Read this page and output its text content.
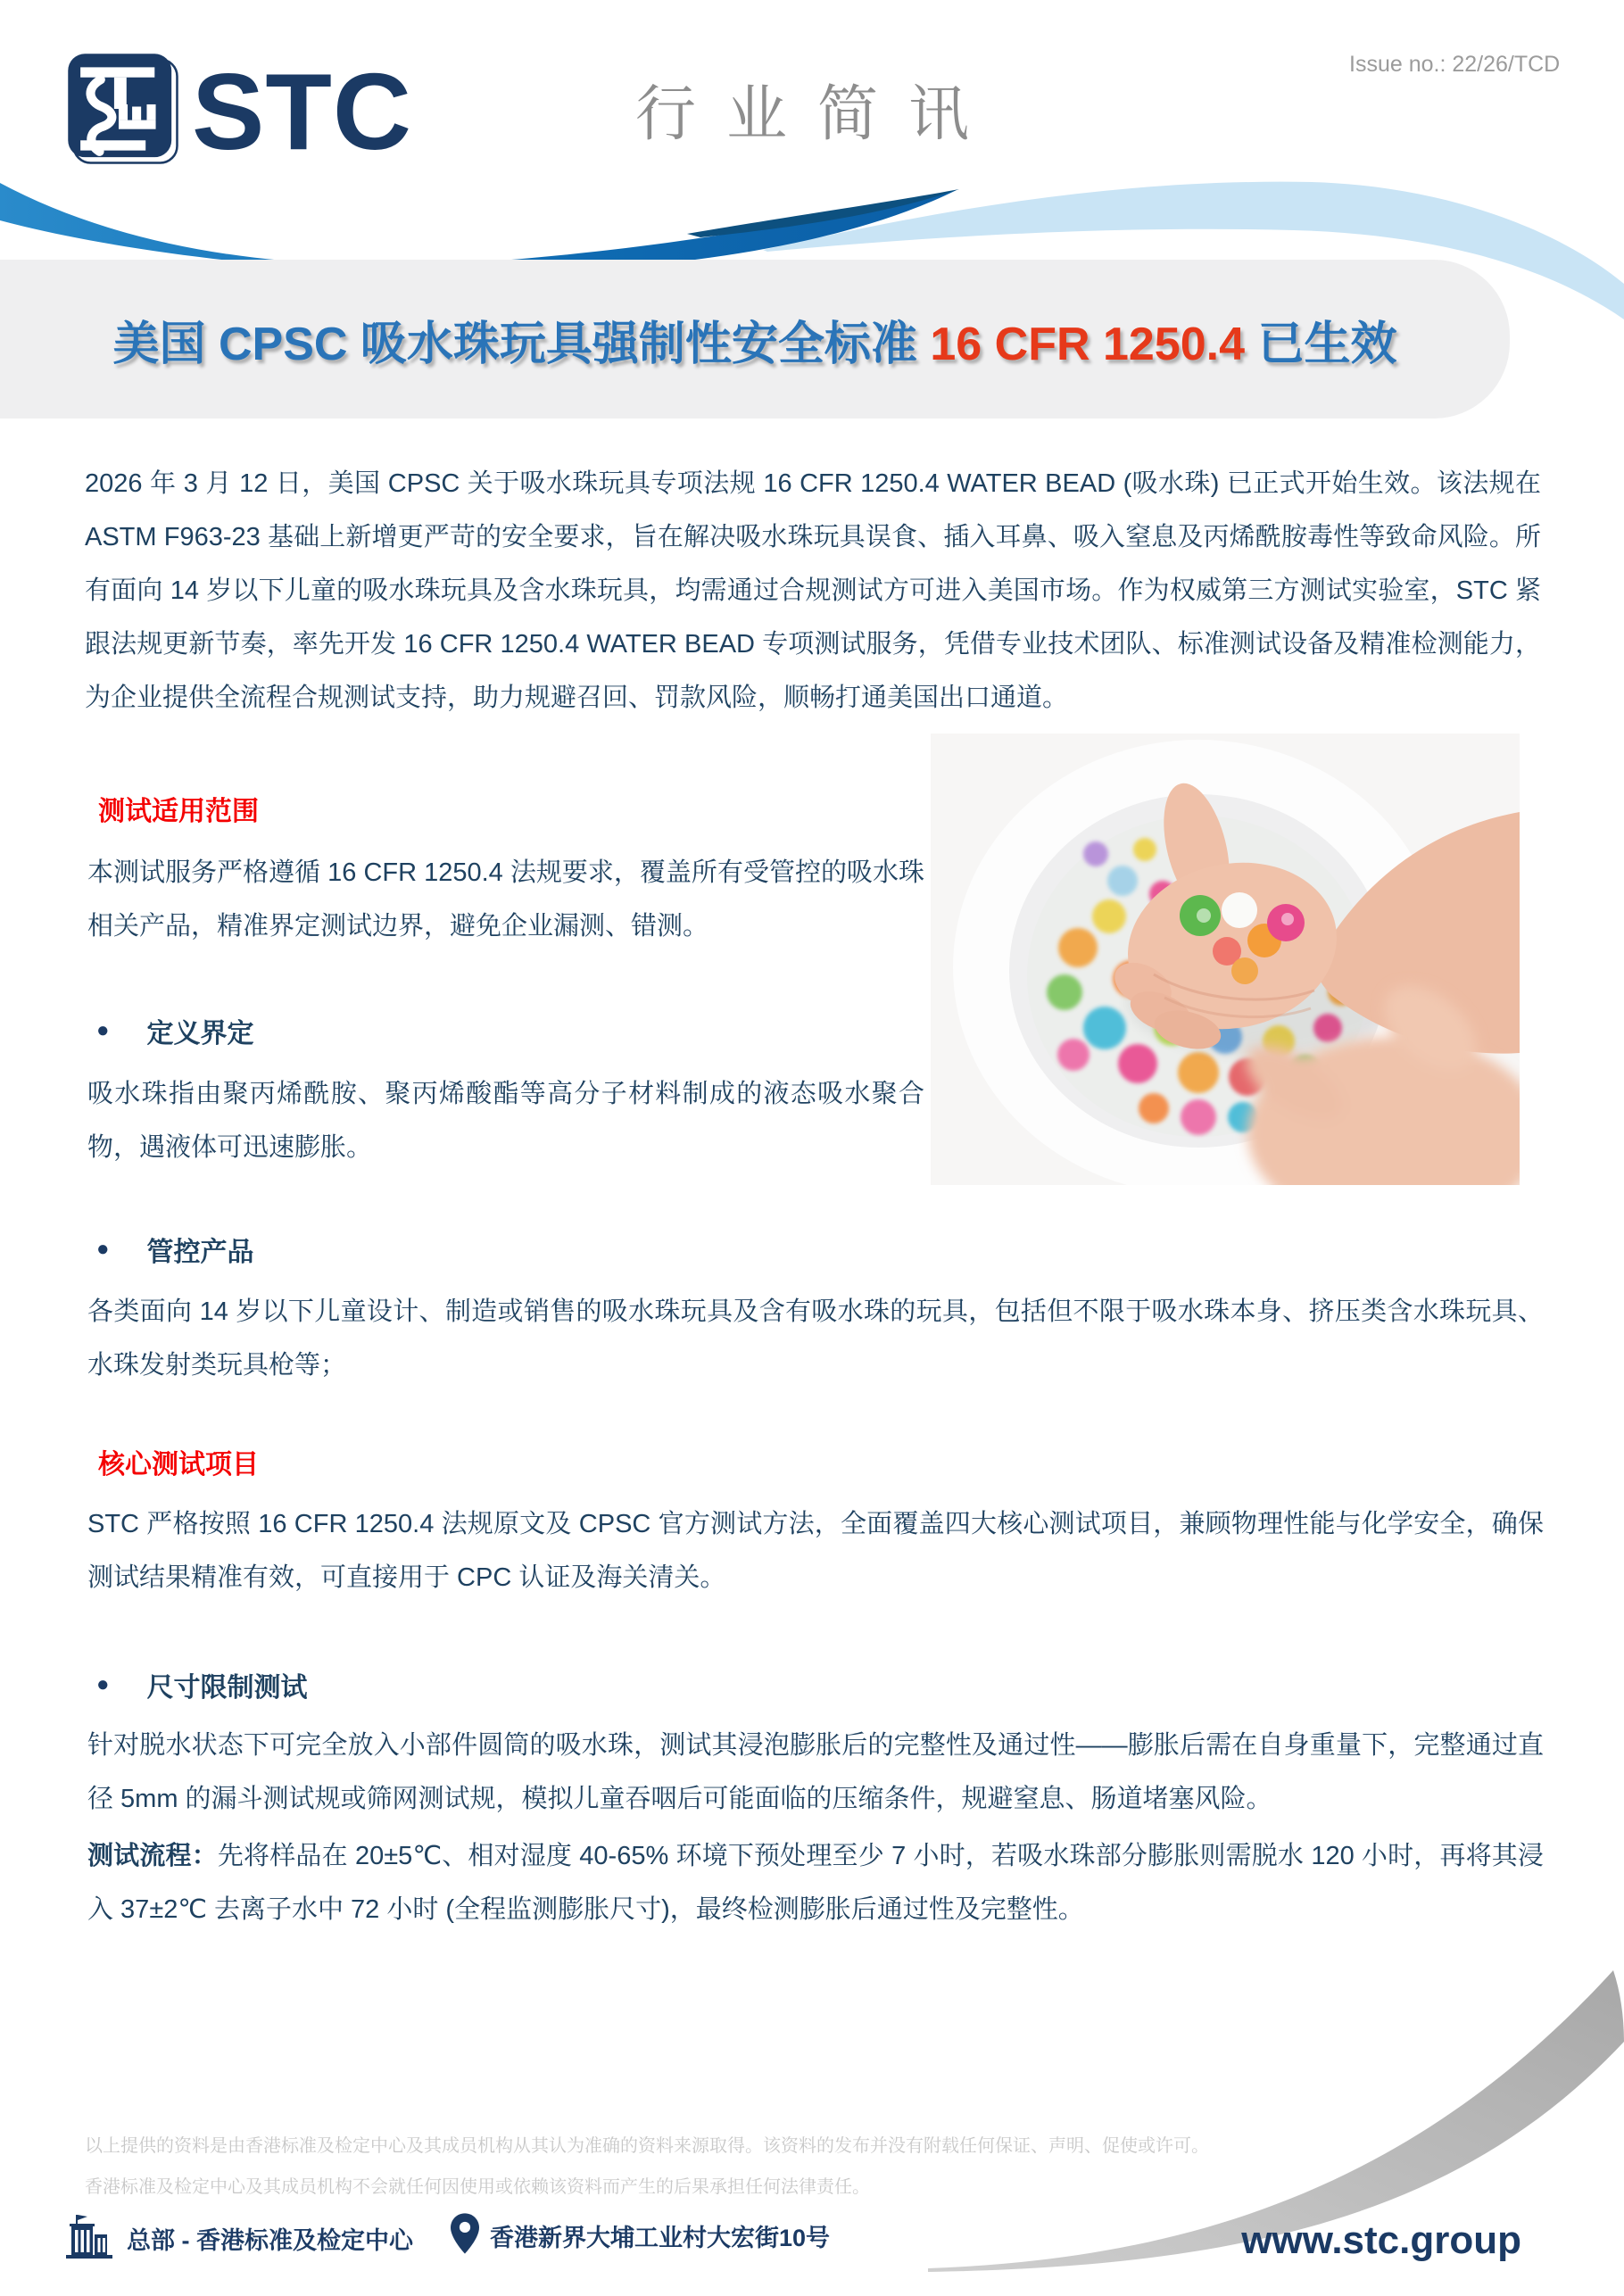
STC	行业简讯
Issue no.: 22/26/TCD
美国 CPSC 吸水珠玩具强制性安全标准 16 CFR 1250.4 已生效
2026 年 3 月 12 日，美国 CPSC 关于吸水珠玩具专项法规 16 CFR 1250.4 WATER BEAD (吸水珠) 已正式开始生效。该法规在 ASTM F963-23 基础上新增更严苛的安全要求，旨在解决吸水珠玩具误食、插入耳鼻、吸入窒息及丙烯酰胺毒性等致命风险。所有面向 14 岁以下儿童的吸水珠玩具及含水珠玩具，均需通过合规测试方可进入美国市场。作为权威第三方测试实验室，STC 紧跟法规更新节奏，率先开发 16 CFR 1250.4 WATER BEAD 专项测试服务，凭借专业技术团队、标准测试设备及精准检测能力，为企业提供全流程合规测试支持，助力规避召回、罚款风险，顺畅打通美国出口通道。
测试适用范围
本测试服务严格遵循 16 CFR 1250.4 法规要求，覆盖所有受管控的吸水珠相关产品，精准界定测试边界，避免企业漏测、错测。
● 定义界定
吸水珠指由聚丙烯酰胺、聚丙烯酸酯等高分子材料制成的液态吸水聚合物，遇液体可迅速膨胀。
● 管控产品
各类面向 14 岁以下儿童设计、制造或销售的吸水珠玩具及含有吸水珠的玩具，包括但不限于吸水珠本身、挤压类含水珠玩具、水珠发射类玩具枪等；
核心测试项目
STC 严格按照 16 CFR 1250.4 法规原文及 CPSC 官方测试方法，全面覆盖四大核心测试项目，兼顾物理性能与化学安全，确保测试结果精准有效，可直接用于 CPC 认证及海关清关。
● 尺寸限制测试
针对脱水状态下可完全放入小部件圆筒的吸水珠，测试其浸泡膨胀后的完整性及通过性——膨胀后需在自身重量下，完整通过直径 5mm 的漏斗测试规或筛网测试规，模拟儿童吞咽后可能面临的压缩条件，规避窒息、肠道堵塞风险。
测试流程：先将样品在 20±5℃、相对湿度 40-65% 环境下预处理至少 7 小时，若吸水珠部分膨胀则需脱水 120 小时，再将其浸入 37±2℃ 去离子水中 72 小时 (全程监测膨胀尺寸)，最终检测膨胀后通过性及完整性。
以上提供的资料是由香港标准及检定中心及其成员机构从其认为准确的资料来源取得。该资料的发布并没有附载任何保证、声明、促使或许可。
香港标准及检定中心及其成员机构不会就任何因使用或依赖该资料而产生的后果承担任何法律责任。
总部 - 香港标准及检定中心	香港新界大埔工业村大宏街10号	www.stc.group
